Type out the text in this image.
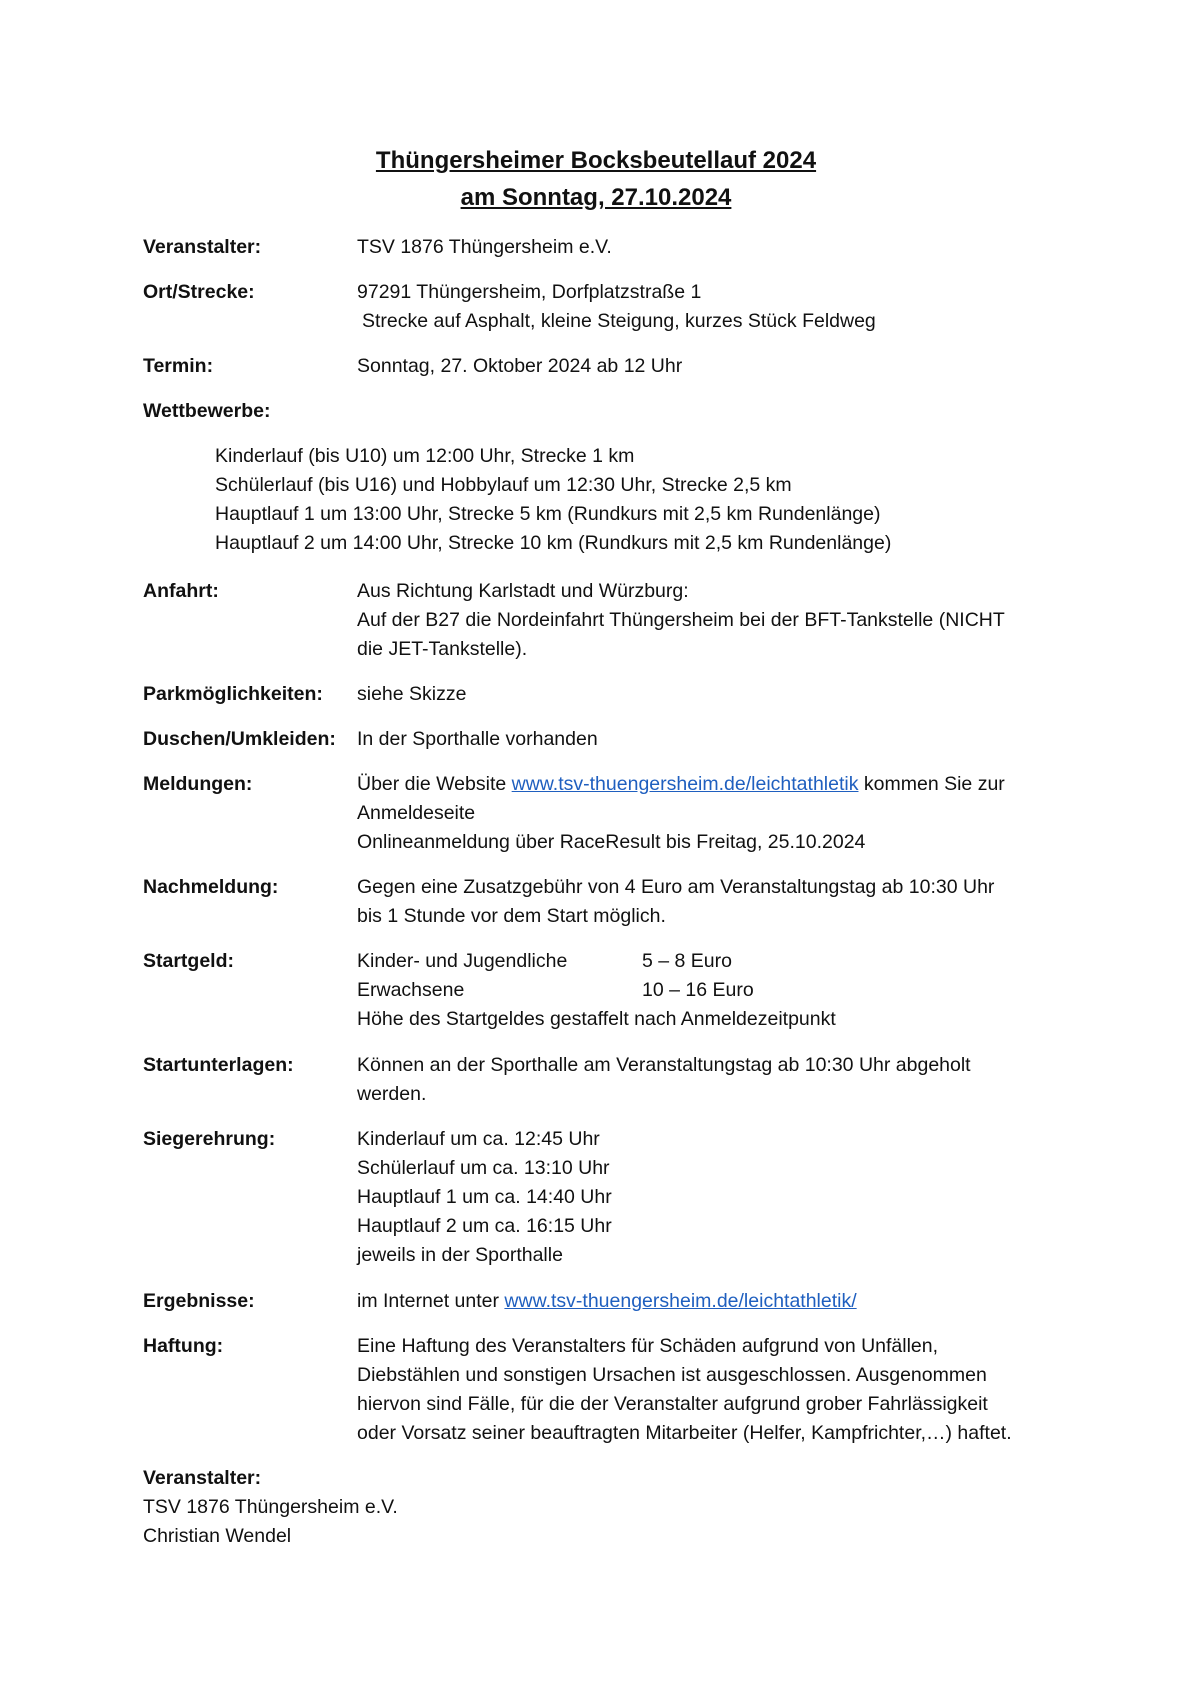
Thüngersheimer Bocksbeutellauf 2024
am Sonntag, 27.10.2024
Veranstalter:	TSV 1876 Thüngersheim e.V.
Ort/Strecke:	97291 Thüngersheim, Dorfplatzstraße 1
Strecke auf Asphalt, kleine Steigung, kurzes Stück Feldweg
Termin:	Sonntag, 27. Oktober 2024 ab 12 Uhr
Wettbewerbe:
Kinderlauf (bis U10) um 12:00 Uhr, Strecke 1 km
Schülerlauf (bis U16) und Hobbylauf um 12:30 Uhr, Strecke 2,5 km
Hauptlauf 1 um 13:00 Uhr, Strecke 5 km (Rundkurs mit 2,5 km Rundenlänge)
Hauptlauf 2 um 14:00 Uhr, Strecke 10 km (Rundkurs mit 2,5 km Rundenlänge)
Anfahrt:	Aus Richtung Karlstadt und Würzburg:
Auf der B27 die Nordeinfahrt Thüngersheim bei der BFT-Tankstelle (NICHT
die JET-Tankstelle).
Parkmöglichkeiten: siehe Skizze
Duschen/Umkleiden: In der Sporthalle vorhanden
Meldungen:	Über die Website www.tsv-thuengersheim.de/leichtathletik kommen Sie zur
Anmeldeseite
Onlineanmeldung über RaceResult bis Freitag, 25.10.2024
Nachmeldung:	Gegen eine Zusatzgebühr von 4 Euro am Veranstaltungstag ab 10:30 Uhr
bis 1 Stunde vor dem Start möglich.
Startgeld:	Kinder- und Jugendliche	5 – 8 Euro
Erwachsene	10 – 16 Euro
Höhe des Startgeldes gestaffelt nach Anmeldezeitpunkt
Startunterlagen:	Können an der Sporthalle am Veranstaltungstag ab 10:30 Uhr abgeholt
werden.
Siegerehrung:	Kinderlauf um ca. 12:45 Uhr
Schülerlauf um ca. 13:10 Uhr
Hauptlauf 1 um ca. 14:40 Uhr
Hauptlauf 2 um ca. 16:15 Uhr
jeweils in der Sporthalle
Ergebnisse:	im Internet unter www.tsv-thuengersheim.de/leichtathletik/
Haftung:	Eine Haftung des Veranstalters für Schäden aufgrund von Unfällen,
Diebstählen und sonstigen Ursachen ist ausgeschlossen. Ausgenommen
hiervon sind Fälle, für die der Veranstalter aufgrund grober Fahrlässigkeit
oder Vorsatz seiner beauftragten Mitarbeiter (Helfer, Kampfrichter,…) haftet.
Veranstalter:
TSV 1876 Thüngersheim e.V.
Christian Wendel
